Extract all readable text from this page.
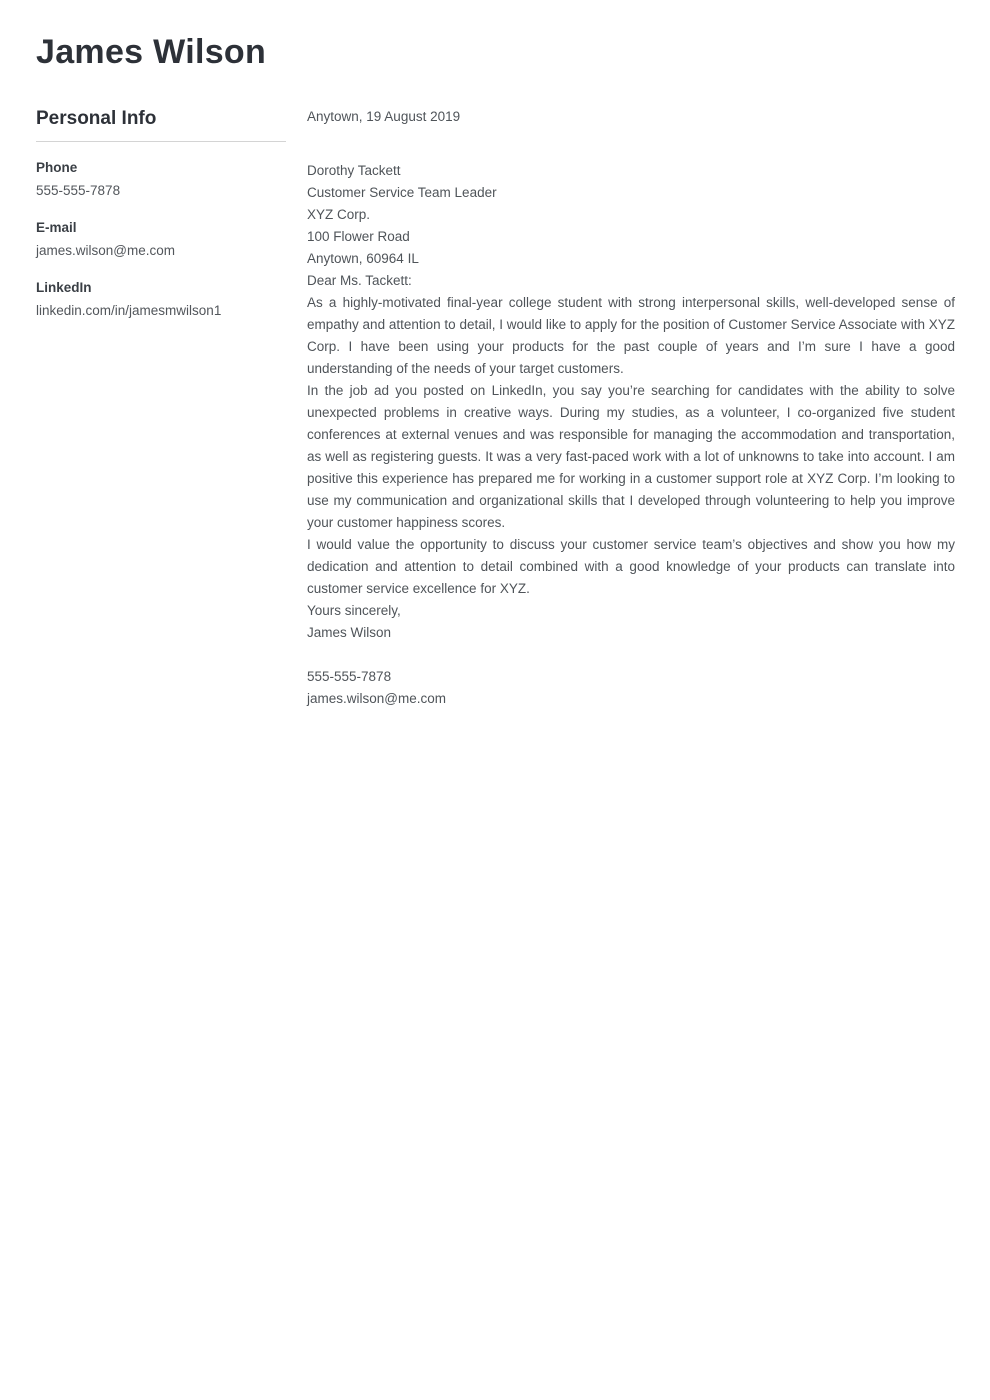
James Wilson
Personal Info
Phone
555-555-7878
E-mail
james.wilson@me.com
LinkedIn
linkedin.com/in/jamesmwilson1

Anytown, 19 August 2019

Dorothy Tackett

Customer Service Team Leader

XYZ Corp.

100 Flower Road

Anytown, 60964 IL

Dear Ms. Tackett:

As a highly-motivated final-year college student with strong interpersonal skills, well-developed sense of empathy and attention to detail, I would like to apply for the position of Customer Service Associate with XYZ Corp. I have been using your products for the past couple of years and I’m sure I have a good understanding of the needs of your target customers.

In the job ad you posted on LinkedIn, you say you’re searching for candidates with the ability to solve unexpected problems in creative ways. During my studies, as a volunteer, I co-organized five student conferences at external venues and was responsible for managing the accommodation and transportation, as well as registering guests. It was a very fast-paced work with a lot of unknowns to take into account. I am positive this experience has prepared me for working in a customer support role at XYZ Corp. I’m looking to use my communication and organizational skills that I developed through volunteering to help you improve your customer happiness scores.

I would value the opportunity to discuss your customer service team’s objectives and show you how my dedication and attention to detail combined with a good knowledge of your products can translate into customer service excellence for XYZ.

Yours sincerely,

James Wilson

555-555-7878

james.wilson@me.com
